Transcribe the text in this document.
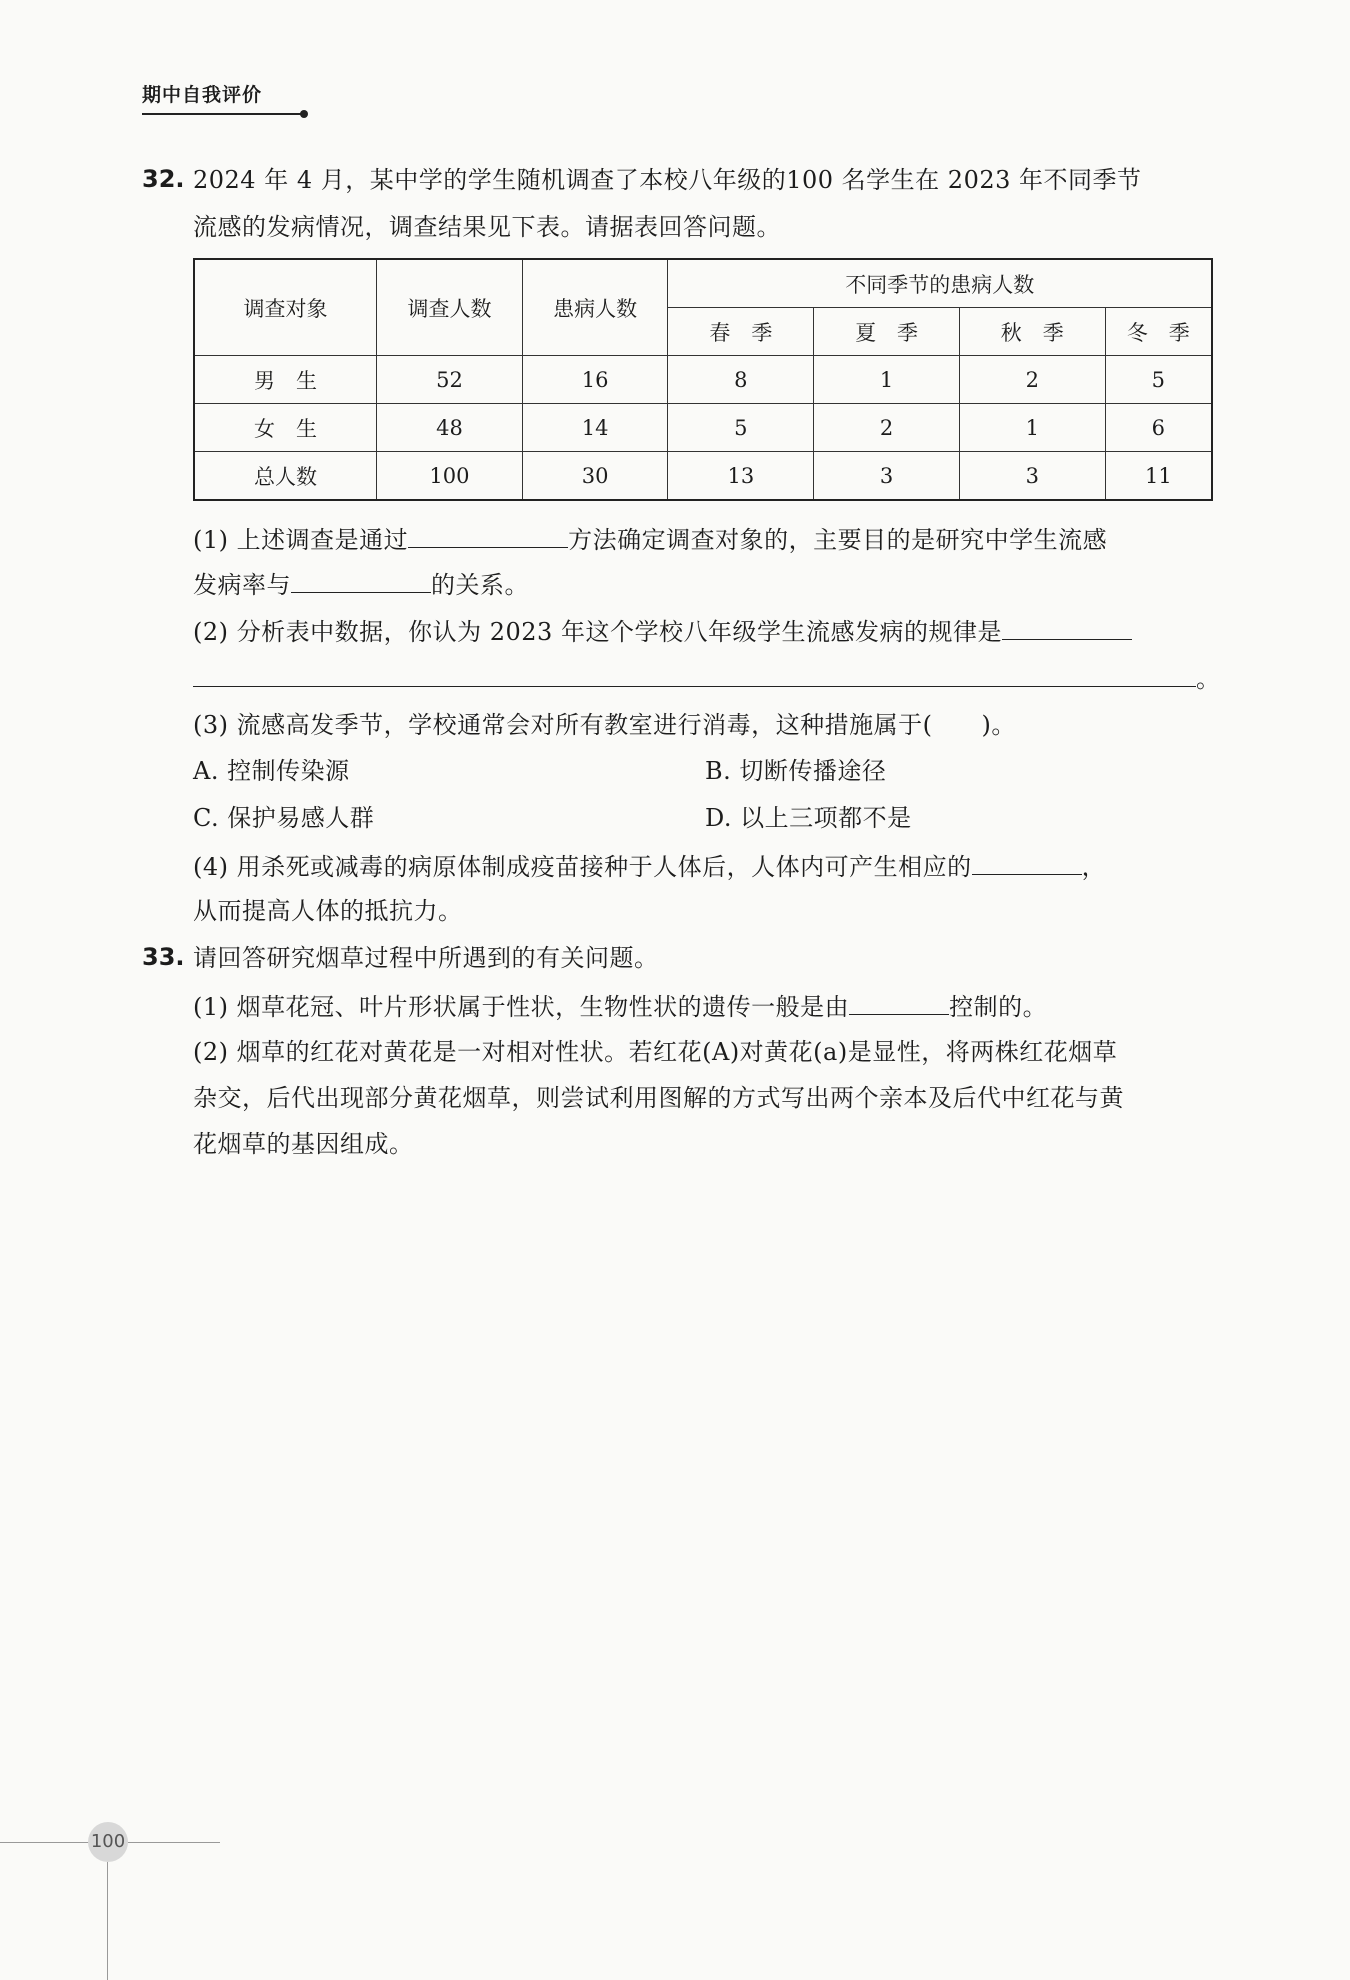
期中自我评价
32. 2024 年 4 月，某中学的学生随机调查了本校八年级的100 名学生在 2023 年不同季节
流感的发病情况，调查结果见下表。请据表回答问题。
调查对象	调查人数	患病人数	不同季节的患病人数			
			春　季	夏　季	秋　季	冬　季
男　生	52	16	8	1	2	5
女　生	48	14	5	2	1	6
总人数	100	30	13	3	3	11
(1) 上述调查是通过	方法确定调查对象的，主要目的是研究中学生流感
发病率与	的关系。
(2) 分析表中数据，你认为 2023 年这个学校八年级学生流感发病的规律是
。
(3) 流感高发季节，学校通常会对所有教室进行消毒，这种措施属于(　　)。
A. 控制传染源	B. 切断传播途径
C. 保护易感人群	D. 以上三项都不是
(4) 用杀死或减毒的病原体制成疫苗接种于人体后，人体内可产生相应的	，
从而提高人体的抵抗力。
33. 请回答研究烟草过程中所遇到的有关问题。
(1) 烟草花冠、叶片形状属于性状，生物性状的遗传一般是由	控制的。
(2) 烟草的红花对黄花是一对相对性状。若红花(A)对黄花(a)是显性，将两株红花烟草
杂交，后代出现部分黄花烟草，则尝试利用图解的方式写出两个亲本及后代中红花与黄
花烟草的基因组成。
100
